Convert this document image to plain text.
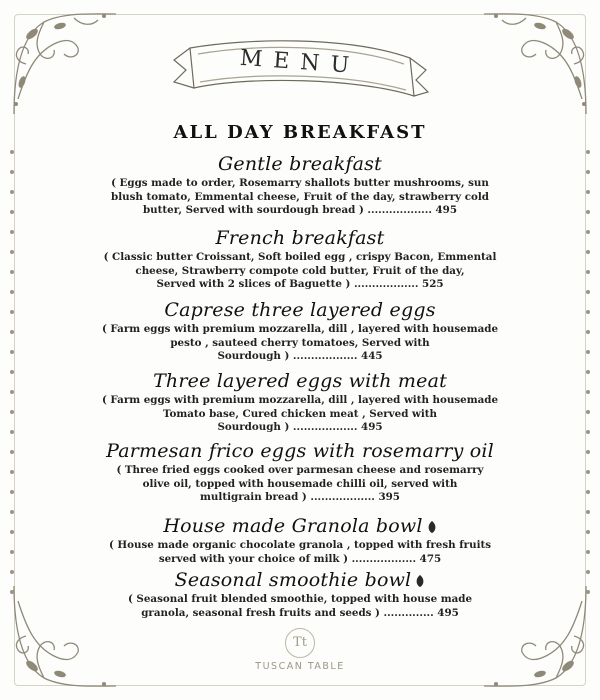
MENU
ALL DAY BREAKFAST
Gentle breakfast
( Eggs made to order, Rosemarry shallots butter mushrooms, sun
blush tomato, Emmental cheese, Fruit of the day, strawberry cold
butter, Served with sourdough bread ) .................. 495
French breakfast
( Classic butter Croissant, Soft boiled egg , crispy Bacon, Emmental
cheese, Strawberry compote cold butter, Fruit of the day,
Served with 2 slices of Baguette ) .................. 525
Caprese three layered eggs
( Farm eggs with premium mozzarella, dill , layered with housemade
pesto , sauteed cherry tomatoes, Served with
Sourdough ) .................. 445
Three layered eggs with meat
( Farm eggs with premium mozzarella, dill , layered with housemade
Tomato base, Cured chicken meat , Served with
Sourdough ) .................. 495
Parmesan frico eggs with rosemarry oil
( Three fried eggs cooked over parmesan cheese and rosemarry
olive oil, topped with housemade chilli oil, served with
multigrain bread ) .................. 395
House made Granola bowl
( House made organic chocolate granola , topped with fresh fruits
served with your choice of milk ) .................. 475
Seasonal smoothie bowl
( Seasonal fruit blended smoothie, topped with house made
granola, seasonal fresh fruits and seeds ) .............. 495
Tt
TUSCAN TABLE
